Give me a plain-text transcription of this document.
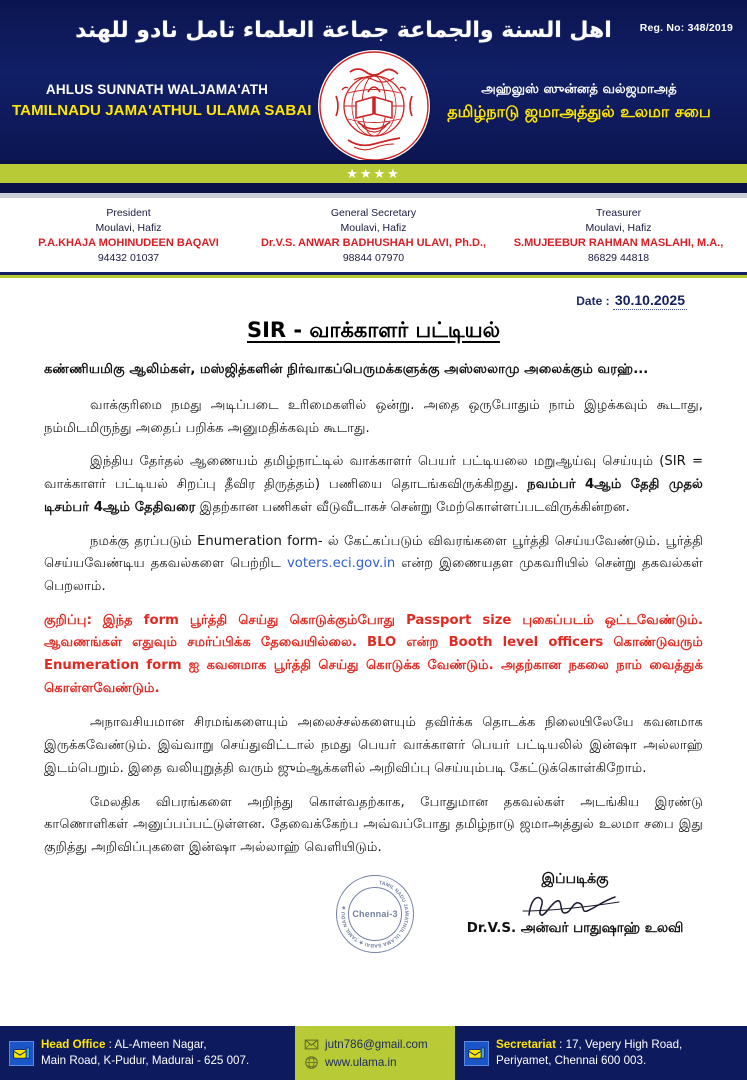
Reg. No: 348/2019
اهل السنة والجماعة جماعة العلماء تامل نادو للهند
AHLUS SUNNATH WALJAMA'ATH
TAMILNADU JAMA'ATHUL ULAMA SABAI
அஹ்லுஸ் ஸுன்னத் வல்ஜமாஅத்
தமிழ்நாடு ஜமாஅத்துல் உலமா சபை
★★★★
President
Moulavi, Hafiz
P.A.KHAJA MOHINUDEEN BAQAVI
94432 01037
General Secretary
Moulavi, Hafiz
Dr.V.S. ANWAR BADHUSHAH ULAVI, Ph.D.,
98844 07970
Treasurer
Moulavi, Hafiz
S.MUJEEBUR RAHMAN MASLAHI, M.A.,
86829 44818
Date : 30.10.2025
SIR - வாக்காளர் பட்டியல்

கண்ணியமிகு ஆலிம்கள், மஸ்ஜித்களின் நிர்வாகப்பெருமக்களுக்கு அஸ்ஸலாமு அலைக்கும் வரஹ்...

வாக்குரிமை நமது அடிப்படை உரிமைகளில் ஒன்று. அதை ஒருபோதும் நாம் இழக்கவும் கூடாது, நம்மிடமிருந்து அதைப் பறிக்க அனுமதிக்கவும் கூடாது.

இந்திய தேர்தல் ஆணையம் தமிழ்நாட்டில் வாக்காளர் பெயர் பட்டியலை மறுஆய்வு செய்யும் (SIR = வாக்காளர் பட்டியல் சிறப்பு தீவிர திருத்தம்) பணியை தொடங்கவிருக்கிறது. நவம்பர் 4ஆம் தேதி முதல் டிசம்பர் 4ஆம் தேதிவரை இதற்கான பணிகள் வீடுவீடாகச் சென்று மேற்கொள்ளப்படவிருக்கின்றன.

நமக்கு தரப்படும் Enumeration form- ல் கேட்கப்படும் விவரங்களை பூர்த்தி செய்யவேண்டும். பூர்த்தி செய்யவேண்டிய தகவல்களை பெற்றிட voters.eci.gov.in என்ற இணையதள முகவரியில் சென்று தகவல்கள் பெறலாம்.

குறிப்பு: இந்த form பூர்த்தி செய்து கொடுக்கும்போது Passport size புகைப்படம் ஒட்டவேண்டும். ஆவணங்கள் எதுவும் சமர்ப்பிக்க தேவையில்லை. BLO என்ற Booth level officers கொண்டுவரும் Enumeration form ஐ கவனமாக பூர்த்தி செய்து கொடுக்க வேண்டும். அதற்கான நகலை நாம் வைத்துக் கொள்ளவேண்டும்.

அநாவசியமான சிரமங்களையும் அலைச்சல்களையும் தவிர்க்க தொடக்க நிலையிலேயே கவனமாக இருக்கவேண்டும். இவ்வாறு செய்துவிட்டால் நமது பெயர் வாக்காளர் பெயர் பட்டியலில் இன்ஷா அல்லாஹ் இடம்பெறும். இதை வலியுறுத்தி வரும் ஜும்ஆக்களில் அறிவிப்பு செய்யும்படி கேட்டுக்கொள்கிறோம்.

மேலதிக விபரங்களை அறிந்து கொள்வதற்காக, போதுமான தகவல்கள் அடங்கிய இரண்டு காணொளிகள் அனுப்பப்பட்டுள்ளன. தேவைக்கேற்ப அவ்வப்போது தமிழ்நாடு ஜமாஅத்துல் உலமா சபை இது குறித்து அறிவிப்புகளை இன்ஷா அல்லாஹ் வெளியிடும்.

TAMIL NADU JAMIATHUL ULAMA SABAI ★ TAMIL NADU ★
Chennai-3
இப்படிக்கு
Dr.V.S. அன்வர் பாதுஷாஹ் உலவி
Head Office : AL-Ameen Nagar,
Main Road, K-Pudur, Madurai - 625 007.
jutn786@gmail.com
www.ulama.in
Secretariat : 17, Vepery High Road,
Periyamet, Chennai 600 003.
